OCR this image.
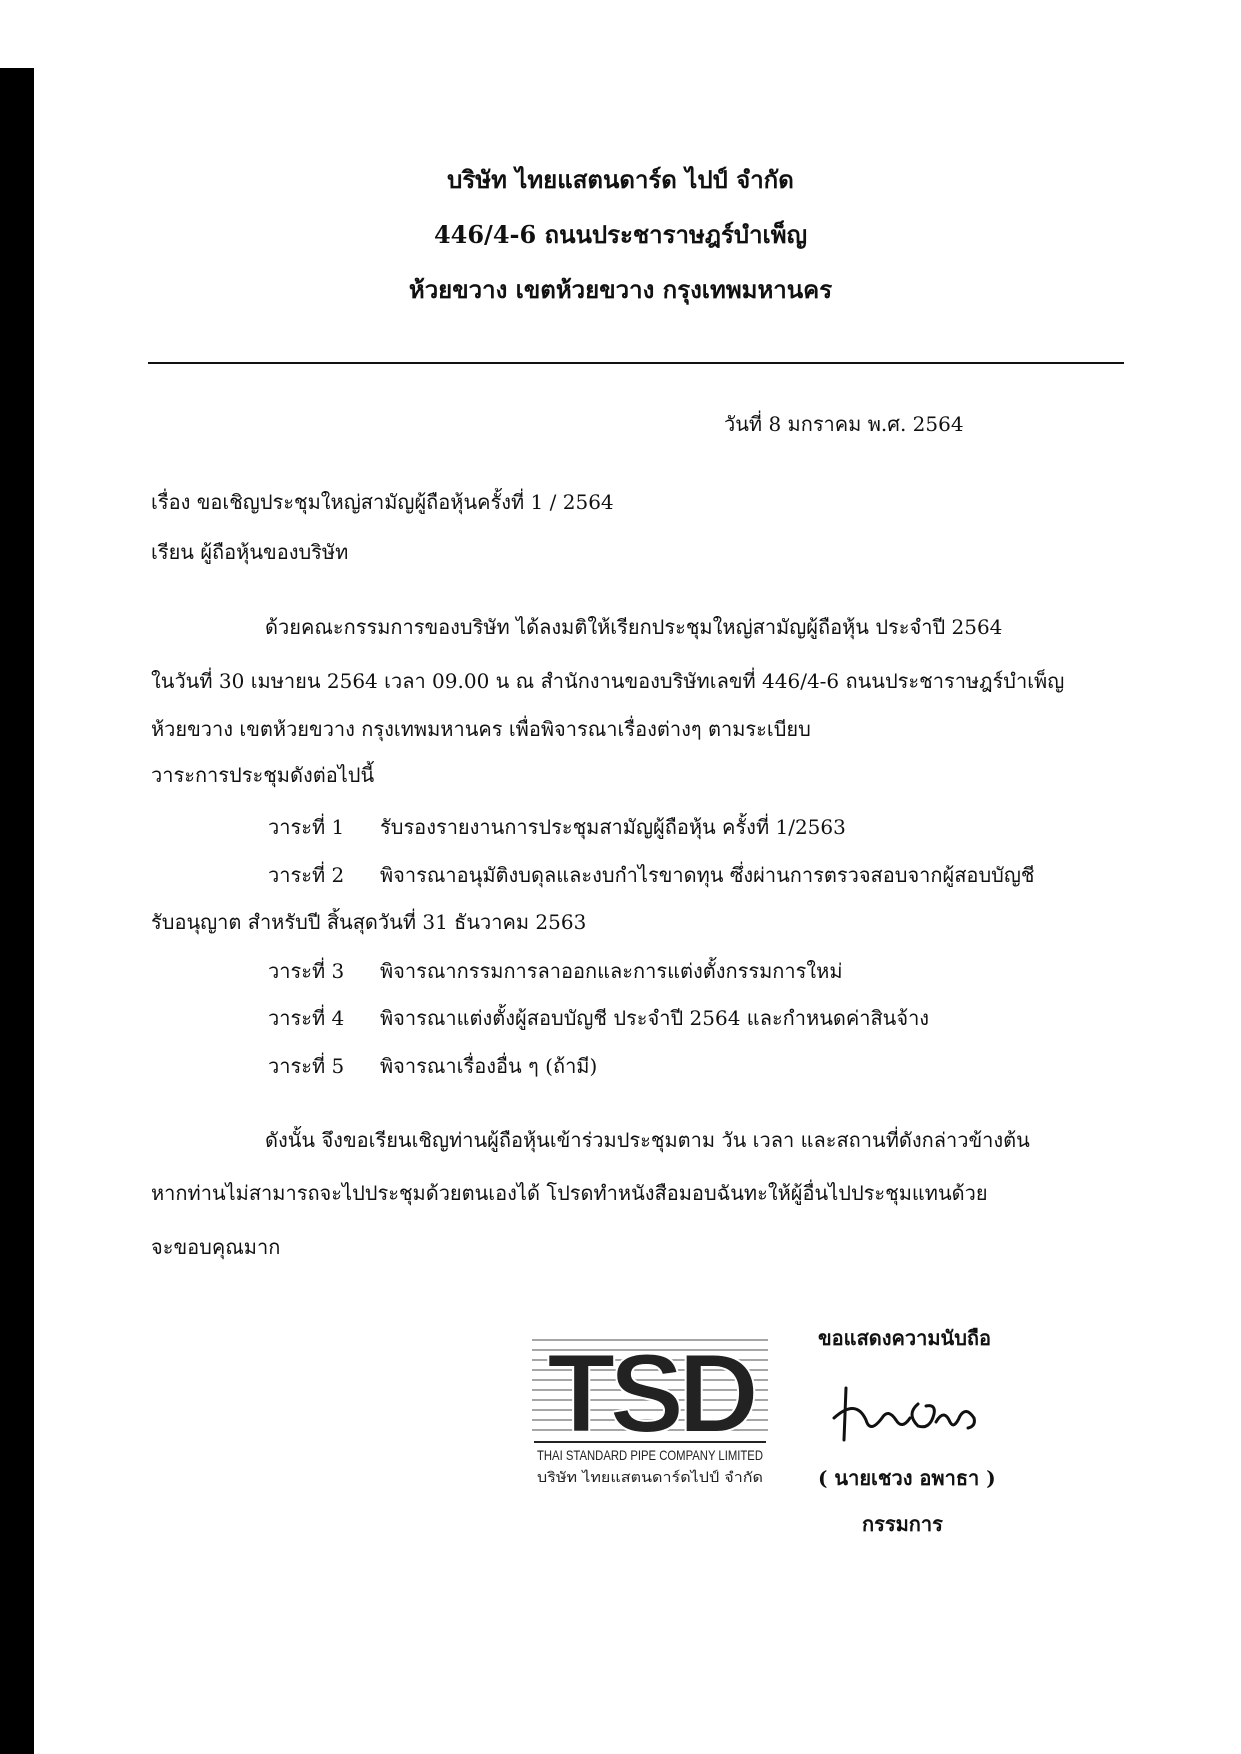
บริษัท ไทยแสตนดาร์ด ไปป์ จำกัด
446/4-6 ถนนประชาราษฎร์บำเพ็ญ
ห้วยขวาง เขตห้วยขวาง กรุงเทพมหานคร
วันที่ 8 มกราคม พ.ศ. 2564
เรื่อง ขอเชิญประชุมใหญ่สามัญผู้ถือหุ้นครั้งที่ 1 / 2564
เรียน ผู้ถือหุ้นของบริษัท
ด้วยคณะกรรมการของบริษัท ได้ลงมติให้เรียกประชุมใหญ่สามัญผู้ถือหุ้น ประจำปี 2564
ในวันที่ 30 เมษายน 2564 เวลา 09.00 น ณ สำนักงานของบริษัทเลขที่ 446/4-6 ถนนประชาราษฎร์บำเพ็ญ
ห้วยขวาง เขตห้วยขวาง กรุงเทพมหานคร เพื่อพิจารณาเรื่องต่างๆ ตามระเบียบ
วาระการประชุมดังต่อไปนี้
วาระที่ 1 รับรองรายงานการประชุมสามัญผู้ถือหุ้น ครั้งที่ 1/2563
วาระที่ 2 พิจารณาอนุมัติงบดุลและงบกำไรขาดทุน ซึ่งผ่านการตรวจสอบจากผู้สอบบัญชี
รับอนุญาต สำหรับปี สิ้นสุดวันที่ 31 ธันวาคม 2563
วาระที่ 3 พิจารณากรรมการลาออกและการแต่งตั้งกรรมการใหม่
วาระที่ 4 พิจารณาแต่งตั้งผู้สอบบัญชี ประจำปี 2564 และกำหนดค่าสินจ้าง
วาระที่ 5 พิจารณาเรื่องอื่น ๆ (ถ้ามี)
ดังนั้น จึงขอเรียนเชิญท่านผู้ถือหุ้นเข้าร่วมประชุมตาม วัน เวลา และสถานที่ดังกล่าวข้างต้น
หากท่านไม่สามารถจะไปประชุมด้วยตนเองได้ โปรดทำหนังสือมอบฉันทะให้ผู้อื่นไปประชุมแทนด้วย
จะขอบคุณมาก
TSD
THAI STANDARD PIPE COMPANY LIMITED
บริษัท ไทยแสตนดาร์ดไปป์ จำกัด
ขอแสดงความนับถือ
( นายเชวง อพาธา )
กรรมการ
